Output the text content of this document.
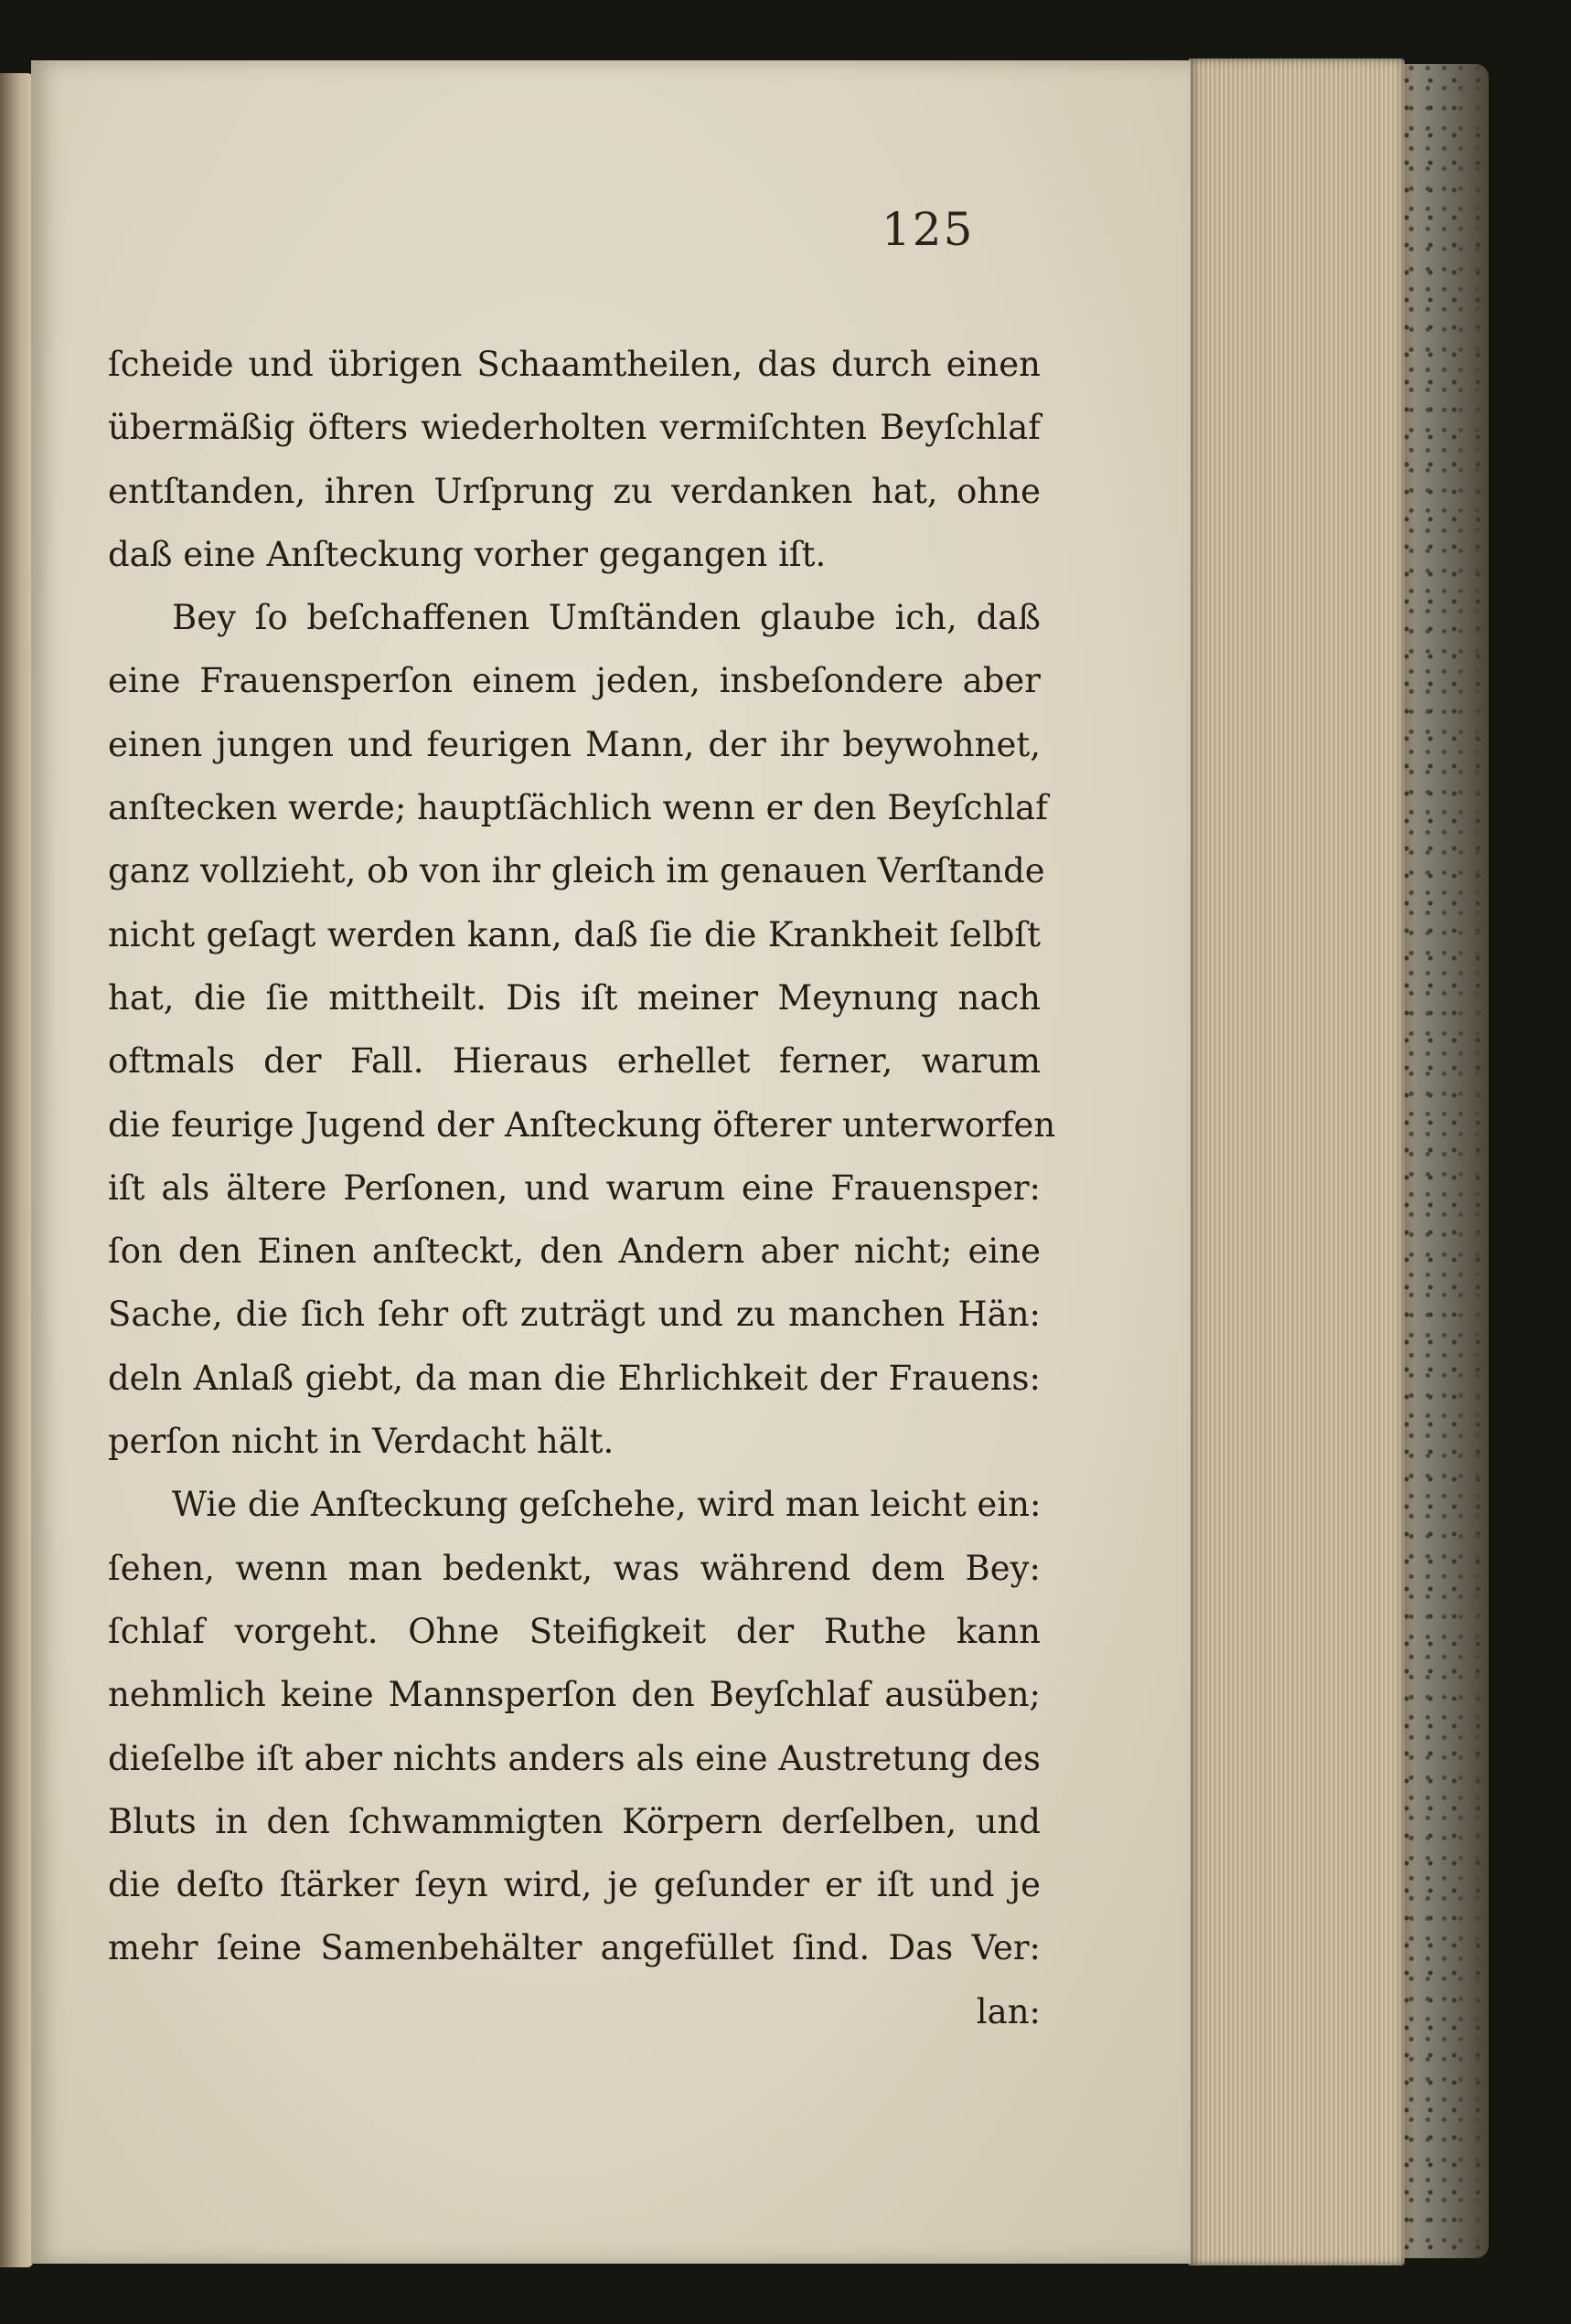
125
ſcheide und übrigen Schaamtheilen, das durch einen
übermäßig öfters wiederholten vermiſchten Beyſchlaf
entſtanden, ihren Urſprung zu verdanken hat, ohne
daß eine Anſteckung vorher gegangen iſt.
Bey ſo beſchaffenen Umſtänden glaube ich, daß
eine Frauensperſon einem jeden, insbeſondere aber
einen jungen und feurigen Mann, der ihr beywohnet,
anſtecken werde; hauptſächlich wenn er den Beyſchlaf
ganz vollzieht, ob von ihr gleich im genauen Verſtande
nicht geſagt werden kann, daß ſie die Krankheit ſelbſt
hat, die ſie mittheilt. Dis iſt meiner Meynung nach
oftmals der Fall. Hieraus erhellet ferner, warum
die feurige Jugend der Anſteckung öfterer unterworfen
iſt als ältere Perſonen, und warum eine Frauensper:
ſon den Einen anſteckt, den Andern aber nicht; eine
Sache, die ſich ſehr oft zuträgt und zu manchen Hän:
deln Anlaß giebt, da man die Ehrlichkeit der Frauens:
perſon nicht in Verdacht hält.
Wie die Anſteckung geſchehe, wird man leicht ein:
ſehen, wenn man bedenkt, was während dem Bey:
ſchlaf vorgeht. Ohne Steifigkeit der Ruthe kann
nehmlich keine Mannsperſon den Beyſchlaf ausüben;
dieſelbe iſt aber nichts anders als eine Austretung des
Bluts in den ſchwammigten Körpern derſelben, und
die deſto ſtärker ſeyn wird, je geſunder er iſt und je
mehr ſeine Samenbehälter angefüllet ſind. Das Ver:
lan:
